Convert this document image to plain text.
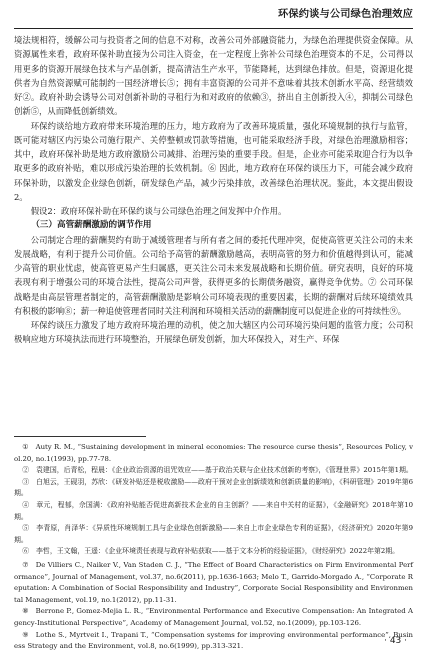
环保约谈与公司绿色治理效应

境法规相符，缓解公司与投资者之间的信息不对称，改善公司外部融资能力，为绿色治理提供资金保障。从资源属性来看，政府环保补助直接为公司注入资金，在一定程度上弥补公司绿色治理资本的不足，公司得以用更多的资源开展绿色技术与产品创新，提高清洁生产水平，节能降耗，达到绿色排放。但是，资源退化提供者为自然资源赋可能制约一国经济增长⑤；拥有丰富资源的公司并不意味着其技术创新水平高、经营绩效好②。政府补助会诱导公司对创新补助的寻租行为和对政府的依赖③，挤出自主创新投入④，抑制公司绿色创新⑤，从而降低创新绩效。

环保约谈给地方政府带来环境治理的压力，地方政府为了改善环境质量，强化环境规制的执行与监管，既可能对辖区内污染公司施行限产、关停整顿或罚款等措施，也可能采取经济手段，对绿色治理激励相容；其中，政府环保补助是地方政府激励公司减排、治理污染的重要手段。但是，企业亦可能采取迎合行为以争取更多的政府补贴，难以形成污染治理的长效机制。⑥ 因此，地方政府在环保约谈压力下，可能会减少政府环保补助，以激发企业绿色创新，研发绿色产品，减少污染排放，改善绿色治理状况。鉴此，本文提出假设2。

假设2：政府环保补助在环保约谈与公司绿色治理之间发挥中介作用。

（三）高管薪酬激励的调节作用

公司制定合理的薪酬契约有助于减缓管理者与所有者之间的委托代理冲突，促使高管更关注公司的未来发展战略，有利于提升公司价值。公司给予高管的薪酬激励越高，表明高管的努力和价值越得到认可，能减少高管的职业忧虑，使高管更易产生归属感，更关注公司未来发展战略和长期价值。研究表明，良好的环境表现有利于增强公司的环境合法性，提高公司声誉，获得更多的长期债务融资，赢得竞争优势。⑦ 公司环保战略是由高层管理者制定的，高管薪酬激励是影响公司环境表现的重要因素，长期的薪酬对后续环境绩效具有积极的影响⑧；薪一种追使管理者同时关注利润和环境相关活动的薪酬制度可以促进企业的可持续性⑨。

环保约谈压力激发了地方政府环境治理的动机，使之加大辖区内公司环境污染问题的监管力度；公司积极响应地方环境执法而进行环境整治，开展绿色研发创新，加大环保投入，对生产、环保

①　Auty R. M., “Sustaining development in mineral economies: The resource curse thesis”, Resources Policy, vol.20, no.1(1993), pp.77-78.

②　袁建国，后青松，程晨：《企业政治资源的诅咒效应——基于政治关联与企业技术创新的考察》，《管理世界》2015年第1期。

③　白旭云，王砚羽，苏欣：《研发补贴还是税收激励——政府干预对企业创新绩效和创新质量的影响》，《科研管理》2019年第6期。

④　章元，程郁，佘国满：《政府补贴能否促进高新技术企业的自主创新？——来自中关村的证据》，《金融研究》2018年第10期。

⑤　李青原，肖泽华：《异质性环境规制工具与企业绿色创新激励——来自上市企业绿色专利的证据》，《经济研究》2020年第9期。

⑥　李哲，王文翰，王遥：《企业环境责任表现与政府补贴获取——基于文本分析的经验证据》，《财经研究》2022年第2期。

⑦　De Villiers C., Naiker V., Van Staden C. J., “The Effect of Board Characteristics on Firm Environmental Performance”, Journal of Management, vol.37, no.6(2011), pp.1636-1663; Melo T., Garrido-Morgado A., “Corporate Reputation: A Combination of Social Responsibility and Industry”, Corporate Social Responsibility and Environmental Management, vol.19, no.1(2012), pp.11-31.

⑧　Berrone P., Gomez-Mejia L. R., “Environmental Performance and Executive Compensation: An Integrated Agency-Institutional Perspective”, Academy of Management Journal, vol.52, no.1(2009), pp.103-126.

⑨　Lothe S., Myrtveit I., Trapani T., “Compensation systems for improving environmental performance”, Business Strategy and the Environment, vol.8, no.6(1999), pp.313-321.

· 43 ·
